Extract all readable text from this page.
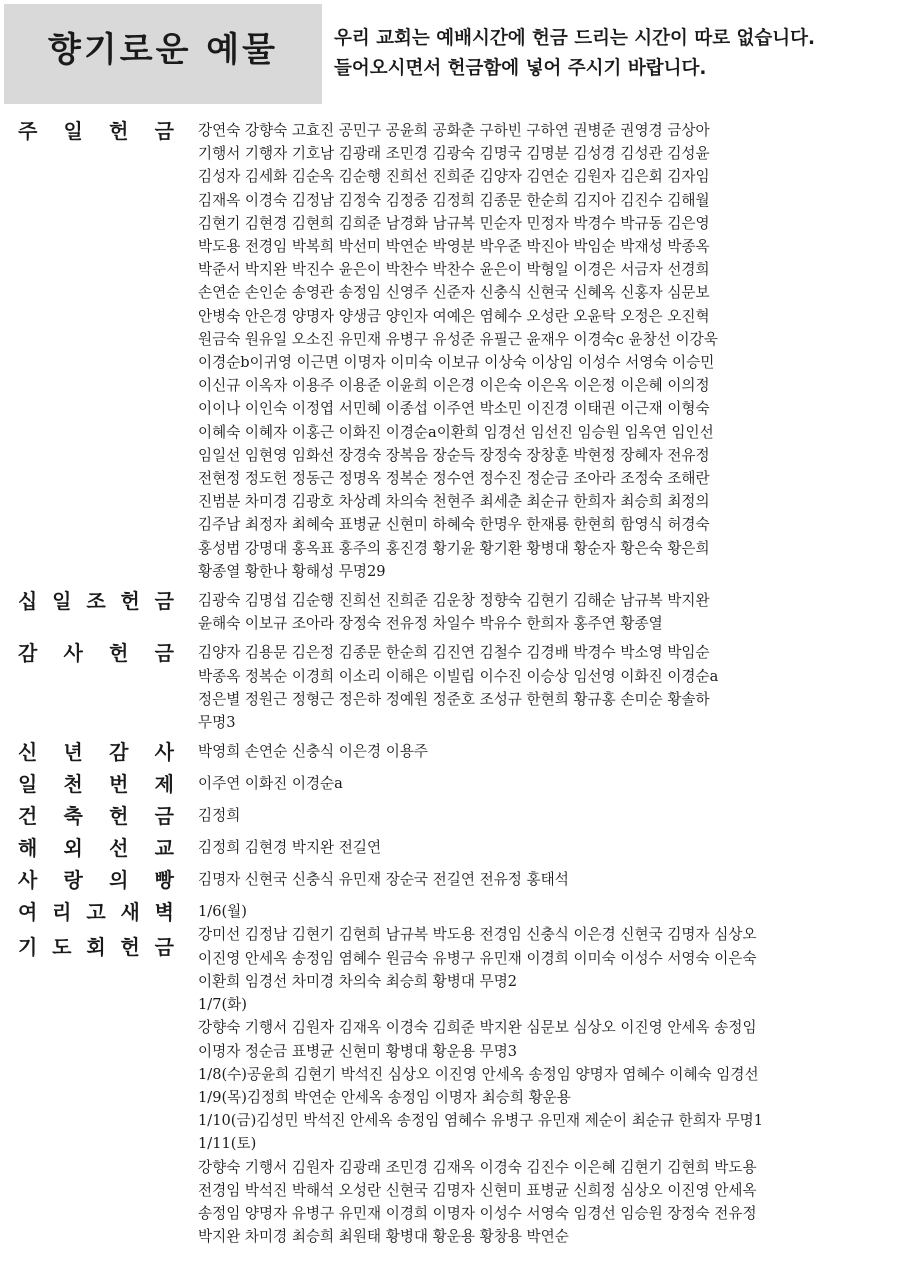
향기로운 예물	우리 교회는 예배시간에 헌금 드리는 시간이 따로 없습니다.
들어오시면서 헌금함에 넣어 주시기 바랍니다.
주 일 헌 금 강연숙 강향숙 고효진 공민구 공윤희 공화춘 구하빈 구하연 권병준 권영경 금상아
기행서 기행자 기호남 김광래 조민경 김광숙 김명국 김명분 김성경 김성관 김성윤
김성자 김세화 김순옥 김순행 진희선 진희준 김양자 김연순 김원자 김은회 김자임
김재옥 이경숙 김정남 김정숙 김정중 김정희 김종문 한순희 김지아 김진수 김해월
김현기 김현경 김현희 김희준 남경화 남규복 민순자 민정자 박경수 박규동 김은영
박도용 전경임 박복희 박선미 박연순 박영분 박우준 박진아 박임순 박재성 박종옥
박준서 박지완 박진수 윤은이 박찬수 박찬수 윤은이 박형일 이경은 서금자 선경희
손연순 손인순 송영관 송정임 신영주 신준자 신충식 신현국 신혜옥 신홍자 심문보
안병숙 안은경 양명자 양생금 양인자 여예은 염혜수 오성란 오윤탁 오정은 오진혁
원금숙 원유일 오소진 유민재 유병구 유성준 유필근 윤재우 이경숙c 윤창선 이강욱
이경순b이귀영 이근면 이명자 이미숙 이보규 이상숙 이상임 이성수 서영숙 이승민
이신규 이옥자 이용주 이용준 이윤희 이은경 이은숙 이은옥 이은정 이은혜 이의정
이이나 이인숙 이정엽 서민혜 이종섭 이주연 박소민 이진경 이태권 이근재 이형숙
이혜숙 이혜자 이홍근 이화진 이경순a이환희 임경선 임선진 임승원 임옥연 임인선
임일선 임현영 임화선 장경숙 장복음 장순득 장정숙 장창훈 박현정 장혜자 전유정
전현정 정도헌 정동근 정명옥 정복순 정수연 정수진 정순금 조아라 조정숙 조해란
진범분 차미경 김광호 차상례 차의숙 천현주 최세춘 최순규 한희자 최승희 최정의
김주남 최정자 최혜숙 표병균 신현미 하혜숙 한명우 한재룡 한현희 함영식 허경숙
홍성범 강명대 홍옥표 홍주의 홍진경 황기윤 황기환 황병대 황순자 황은숙 황은희
황종열 황한나 황해성 무명29
십 일 조 헌 금 김광숙 김명섭 김순행 진희선 진희준 김운창 정향숙 김현기 김해순 남규복 박지완
윤해숙 이보규 조아라 장정숙 전유정 차일수 박유수 한희자 홍주연 황종열
감 사 헌 금 김양자 김용문 김은정 김종문 한순희 김진연 김철수 김경배 박경수 박소영 박임순
박종옥 정복순 이경희 이소리 이해은 이빌립 이수진 이승상 임선영 이화진 이경순a
정은별 정원근 정형근 정은하 정예원 정준호 조성규 한현희 황규홍 손미순 황솔하
무명3
신 년 감 사 박영희 손연순 신충식 이은경 이용주
일 천 번 제 이주연 이화진 이경순a
건 축 헌 금 김정희
해 외 선 교 김정희 김현경 박지완 전길연
사 랑 의 빵 김명자 신현국 신충식 유민재 장순국 전길연 전유정 홍태석
여 리 고 새 벽
기 도 회 헌 금
1/6(월)
강미선 김정남 김현기 김현희 남규복 박도용 전경임 신충식 이은경 신현국 김명자 심상오
이진영 안세옥 송정임 염혜수 원금숙 유병구 유민재 이경희 이미숙 이성수 서영숙 이은숙
이환희 임경선 차미경 차의숙 최승희 황병대 무명2
1/7(화)
강향숙 기행서 김원자 김재옥 이경숙 김희준 박지완 심문보 심상오 이진영 안세옥 송정임
이명자 정순금 표병균 신현미 황병대 황운용 무명3
1/8(수)공윤희 김현기 박석진 심상오 이진영 안세옥 송정임 양명자 염혜수 이혜숙 임경선
1/9(목)김정희 박연순 안세옥 송정임 이명자 최승희 황운용
1/10(금)김성민 박석진 안세옥 송정임 염혜수 유병구 유민재 제순이 최순규 한희자 무명1
1/11(토)
강향숙 기행서 김원자 김광래 조민경 김재옥 이경숙 김진수 이은혜 김현기 김현희 박도용
전경임 박석진 박해석 오성란 신현국 김명자 신현미 표병균 신희정 심상오 이진영 안세옥
송정임 양명자 유병구 유민재 이경희 이명자 이성수 서영숙 임경선 임승원 장정숙 전유정
박지완 차미경 최승희 최원태 황병대 황운용 황창용 박연순
